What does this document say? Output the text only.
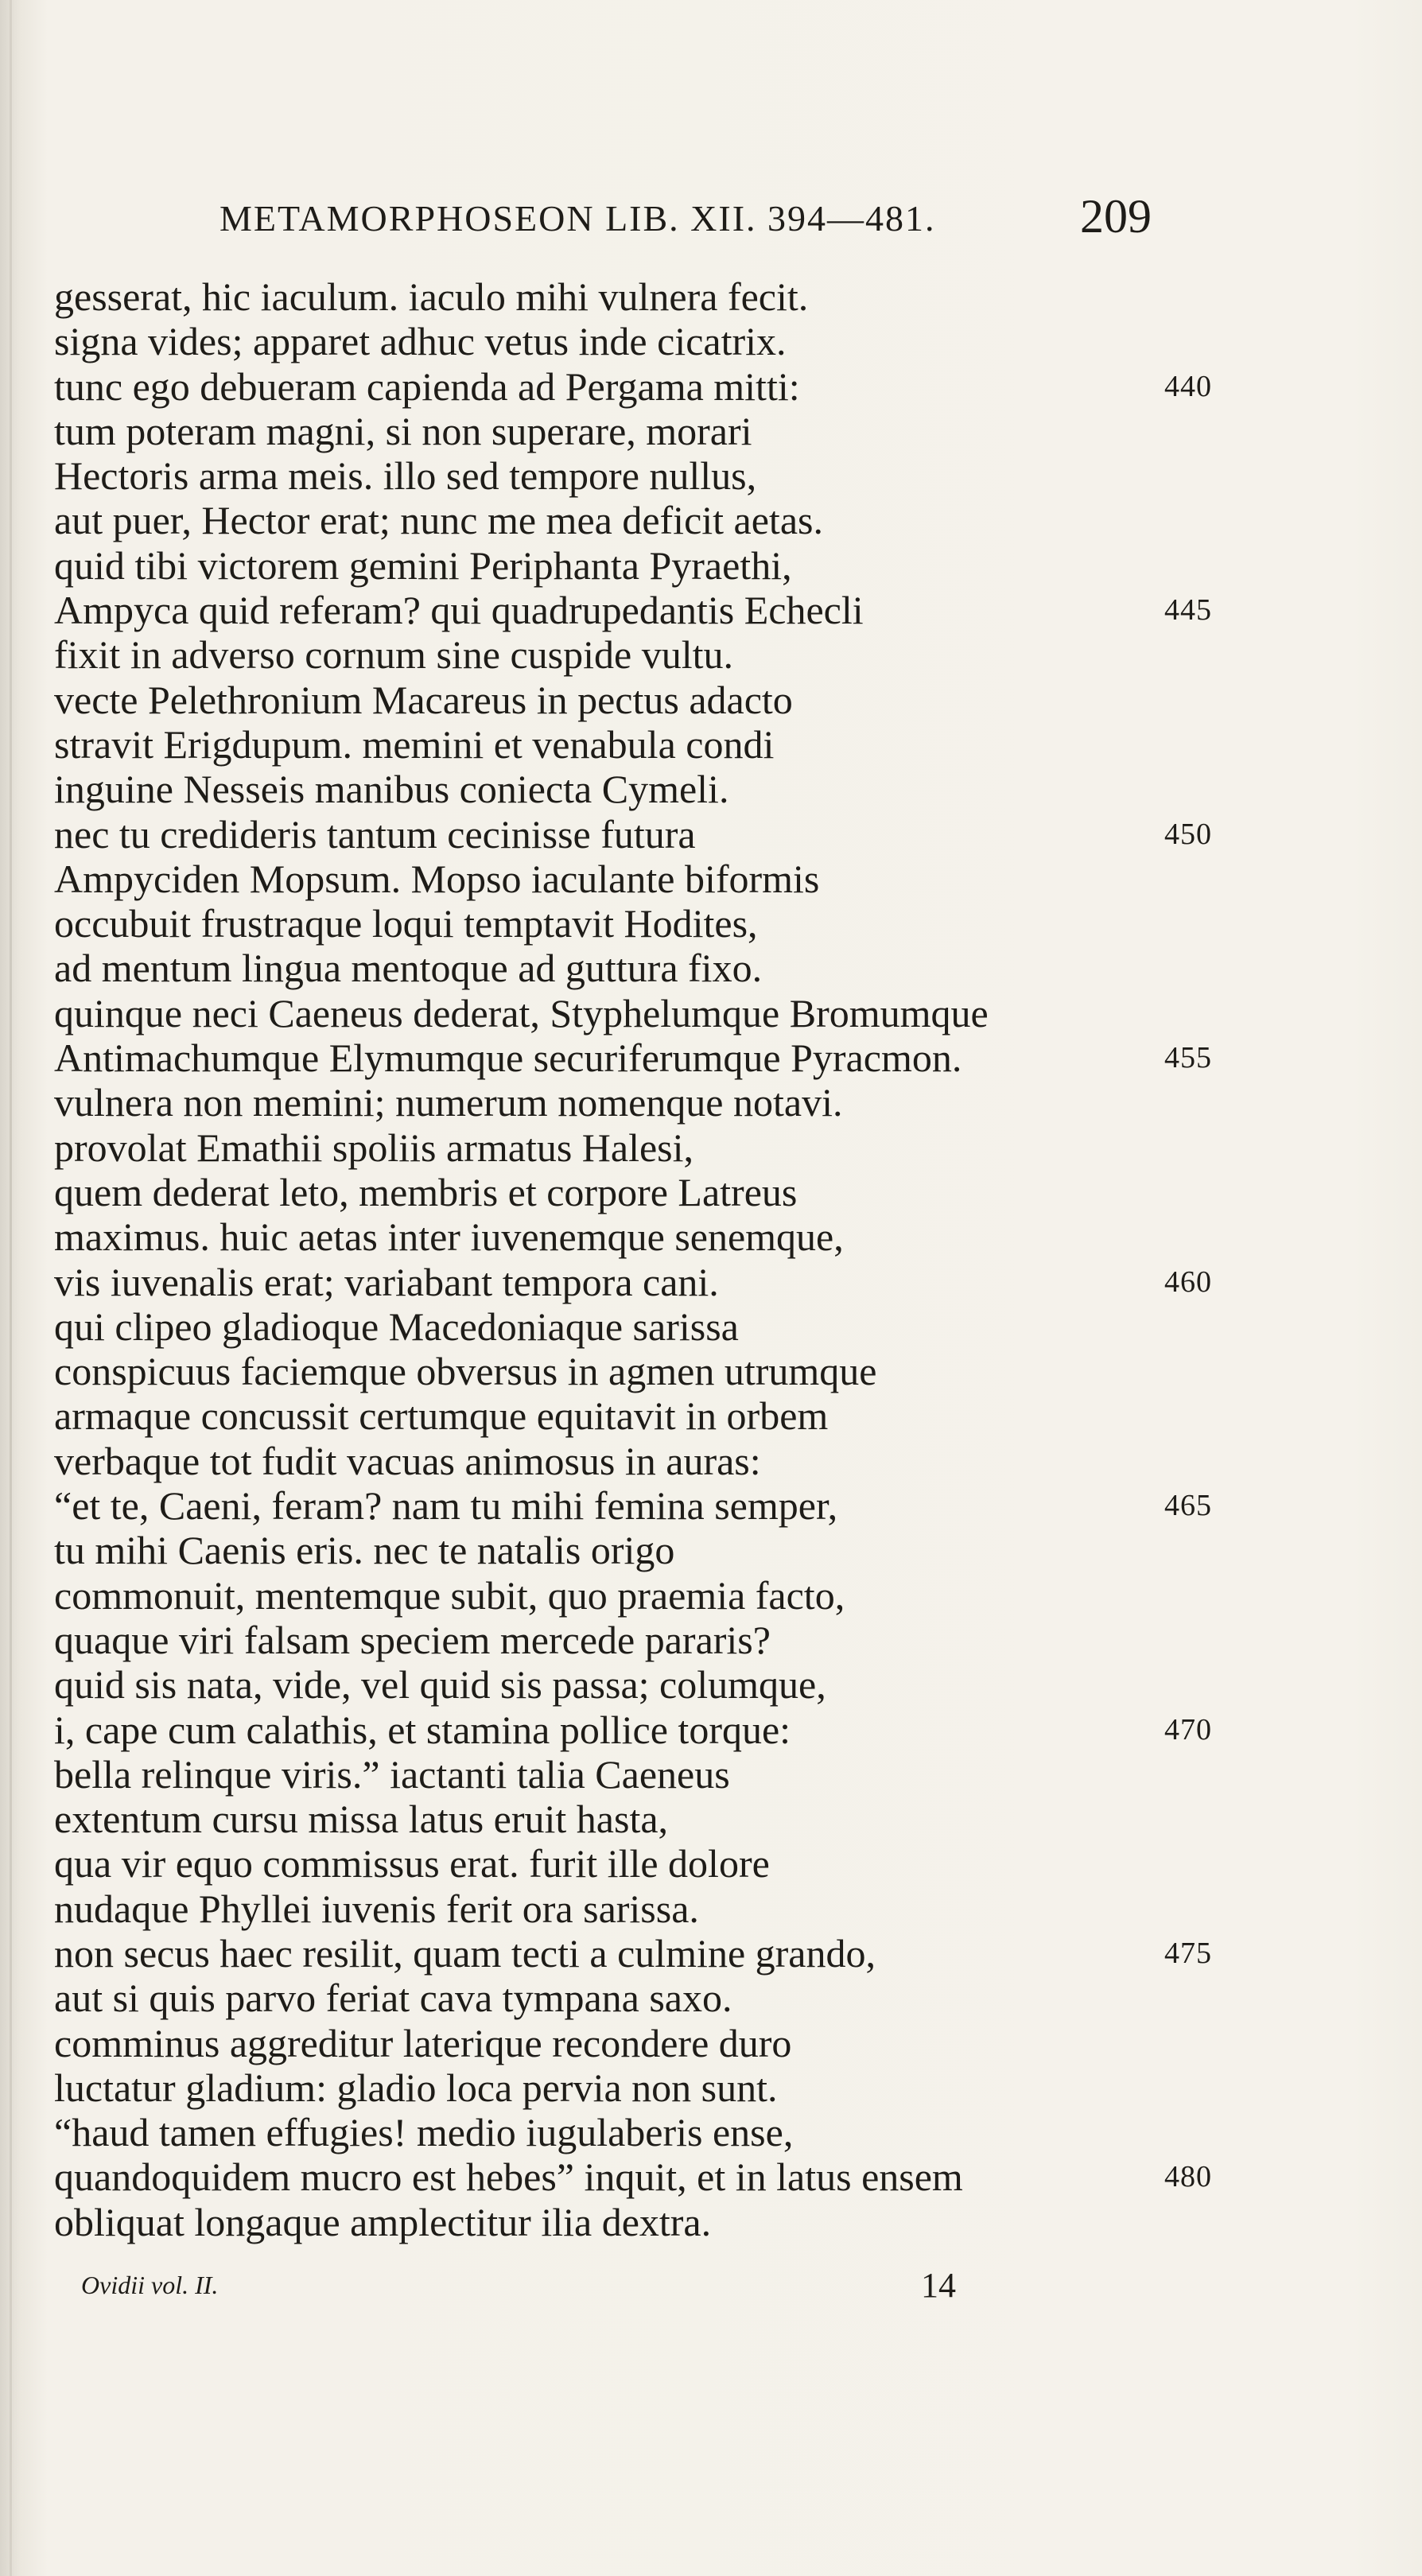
METAMORPHOSEON LIB. XII. 394—481.	209
gesserat, hic iaculum. iaculo mihi vulnera fecit.
signa vides; apparet adhuc vetus inde cicatrix.
tunc ego debueram capienda ad Pergama mitti:	440
tum poteram magni, si non superare, morari
Hectoris arma meis. illo sed tempore nullus,
aut puer, Hector erat; nunc me mea deficit aetas.
quid tibi victorem gemini Periphanta Pyraethi,
Ampyca quid referam? qui quadrupedantis Echecli	445
fixit in adverso cornum sine cuspide vultu.
vecte Pelethronium Macareus in pectus adacto
stravit Erigdupum. memini et venabula condi
inguine Nesseis manibus coniecta Cymeli.
nec tu credideris tantum cecinisse futura	450
Ampyciden Mopsum. Mopso iaculante biformis
occubuit frustraque loqui temptavit Hodites,
ad mentum lingua mentoque ad guttura fixo.
quinque neci Caeneus dederat, Styphelumque Bromumque
Antimachumque Elymumque securiferumque Pyracmon.	455
vulnera non memini; numerum nomenque notavi.
provolat Emathii spoliis armatus Halesi,
quem dederat leto, membris et corpore Latreus
maximus. huic aetas inter iuvenemque senemque,
vis iuvenalis erat; variabant tempora cani.	460
qui clipeo gladioque Macedoniaque sarissa
conspicuus faciemque obversus in agmen utrumque
armaque concussit certumque equitavit in orbem
verbaque tot fudit vacuas animosus in auras:
“et te, Caeni, feram? nam tu mihi femina semper,	465
tu mihi Caenis eris. nec te natalis origo
commonuit, mentemque subit, quo praemia facto,
quaque viri falsam speciem mercede pararis?
quid sis nata, vide, vel quid sis passa; columque,
i, cape cum calathis, et stamina pollice torque:	470
bella relinque viris.” iactanti talia Caeneus
extentum cursu missa latus eruit hasta,
qua vir equo commissus erat. furit ille dolore
nudaque Phyllei iuvenis ferit ora sarissa.
non secus haec resilit, quam tecti a culmine grando,	475
aut si quis parvo feriat cava tympana saxo.
comminus aggreditur laterique recondere duro
luctatur gladium: gladio loca pervia non sunt.
“haud tamen effugies! medio iugulaberis ense,
quandoquidem mucro est hebes” inquit, et in latus ensem	480
obliquat longaque amplectitur ilia dextra.
Ovidii vol. II.	14
